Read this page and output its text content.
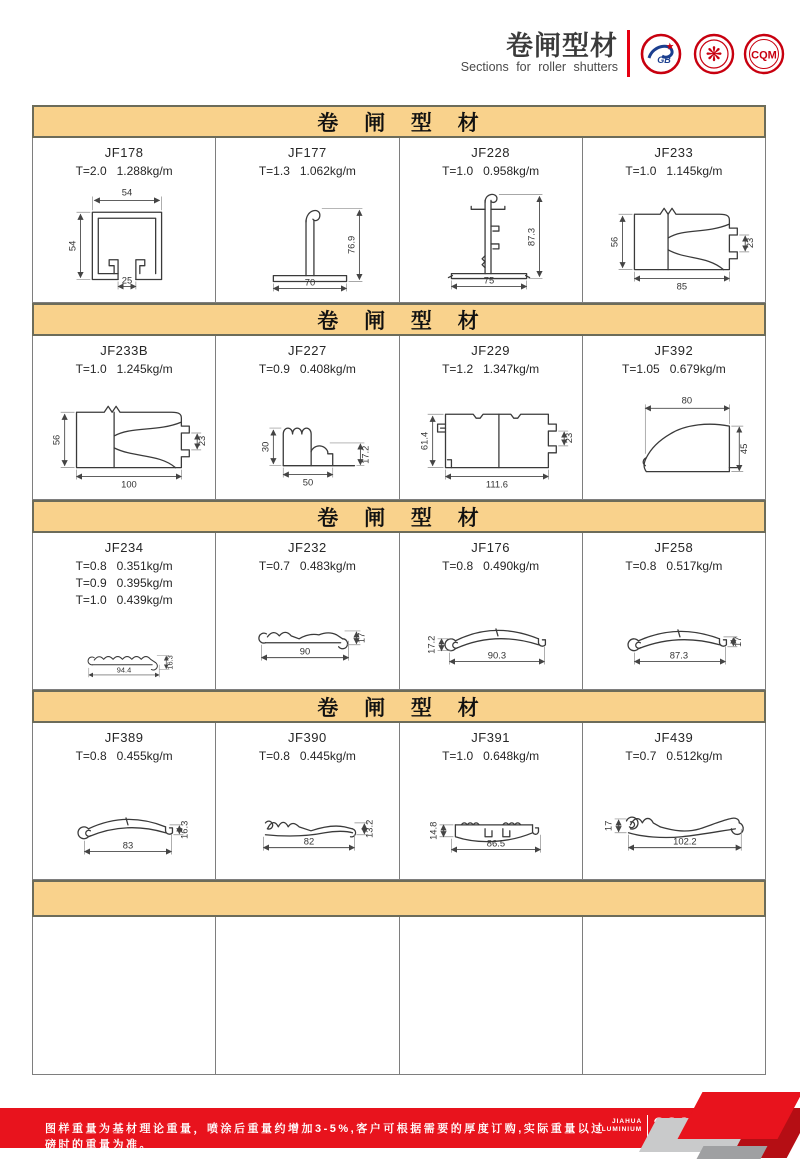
卷闸型材
Sections for roller shutters	GB ❋	CQM
卷 闸 型 材
JF178
T=2.0   1.288kg/m
54
54
25
JF177
T=1.3   1.062kg/m
76.9
70
JF228
T=1.0   0.958kg/m
87.3
75
JF233
T=1.0   1.145kg/m
56
85
23
卷 闸 型 材
JF233B
T=1.0   1.245kg/m
56
100
23
JF227
T=0.9   0.408kg/m
30
50
17.2
JF229
T=1.2   1.347kg/m
61.4
111.6
23
JF392
T=1.05   0.679kg/m
80
45
卷 闸 型 材
JF234
T=0.8   0.351kg/m
T=0.9   0.395kg/m
T=1.0   0.439kg/m
94.4
16.3
JF232
T=0.7   0.483kg/m
90
17
JF176
T=0.8   0.490kg/m
17.2
90.3
JF258
T=0.8   0.517kg/m
87.3
17
卷 闸 型 材
JF389
T=0.8   0.455kg/m
83
16.3
JF390
T=0.8   0.445kg/m
82
13.2
JF391
T=1.0   0.648kg/m
14.8
86.5
JF439
T=0.7   0.512kg/m
17
102.2
图样重量为基材理论重量，喷涂后重量约增加3-5%,客户可根据需要的厚度订购,实际重量以过磅时的重量为准。
JIAHUA
ALUMINIUM
